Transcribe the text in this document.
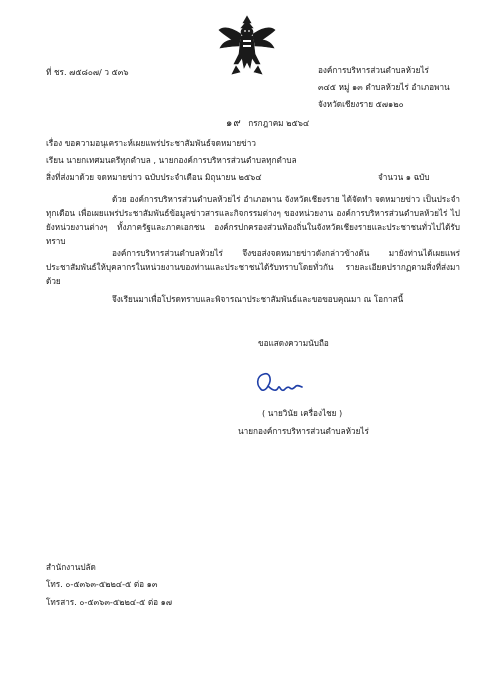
ที่ ชร. ๗๕๘๐๗/ ว ๕๓๖	องค์การบริหารส่วนตำบลห้วยไร่
๓๔๕ หมู่ ๑๓ ตำบลห้วยไร่ อำเภอพาน
จังหวัดเชียงราย ๕๗๑๒๐
๑๙ กรกฎาคม ๒๕๖๔
เรื่อง ขอความอนุเคราะห์เผยแพร่ประชาสัมพันธ์จดหมายข่าว
เรียน นายกเทศมนตรีทุกตำบล , นายกองค์การบริหารส่วนตำบลทุกตำบล
สิ่งที่ส่งมาด้วย จดหมายข่าว ฉบับประจำเดือน มิถุนายน ๒๕๖๔	จำนวน ๑ ฉบับ
ด้วย องค์การบริหารส่วนตำบลห้วยไร่ อำเภอพาน จังหวัดเชียงราย ได้จัดทำ จดหมายข่าว เป็นประจำทุกเดือน เพื่อเผยแพร่ประชาสัมพันธ์ข้อมูลข่าวสารและกิจกรรมต่างๆ ของหน่วยงาน องค์การบริหารส่วนตำบลห้วยไร่ ไปยังหน่วยงานต่างๆ ทั้งภาครัฐและภาคเอกชน องค์กรปกครองส่วนท้องถิ่นในจังหวัดเชียงรายและประชาชนทั่วไปได้รับทราบ
องค์การบริหารส่วนตำบลห้วยไร่ จึงขอส่งจดหมายข่าวดังกล่าวข้างต้น มายังท่านได้เผยแพร่ประชาสัมพันธ์ให้บุคลากรในหน่วยงานของท่านและประชาชนได้รับทราบโดยทั่วกัน รายละเอียดปรากฏตามสิ่งที่ส่งมาด้วย
จึงเรียนมาเพื่อโปรดทราบและพิจารณาประชาสัมพันธ์และขอขอบคุณมา ณ โอกาสนี้
ขอแสดงความนับถือ
( นายวินัย เครื่องไชย )
นายกองค์การบริหารส่วนตำบลห้วยไร่
สำนักงานปลัด
โทร. ๐-๕๓๖๓-๕๒๒๔-๕ ต่อ ๑๓
โทรสาร. ๐-๕๓๖๓-๕๒๒๔-๕ ต่อ ๑๗
